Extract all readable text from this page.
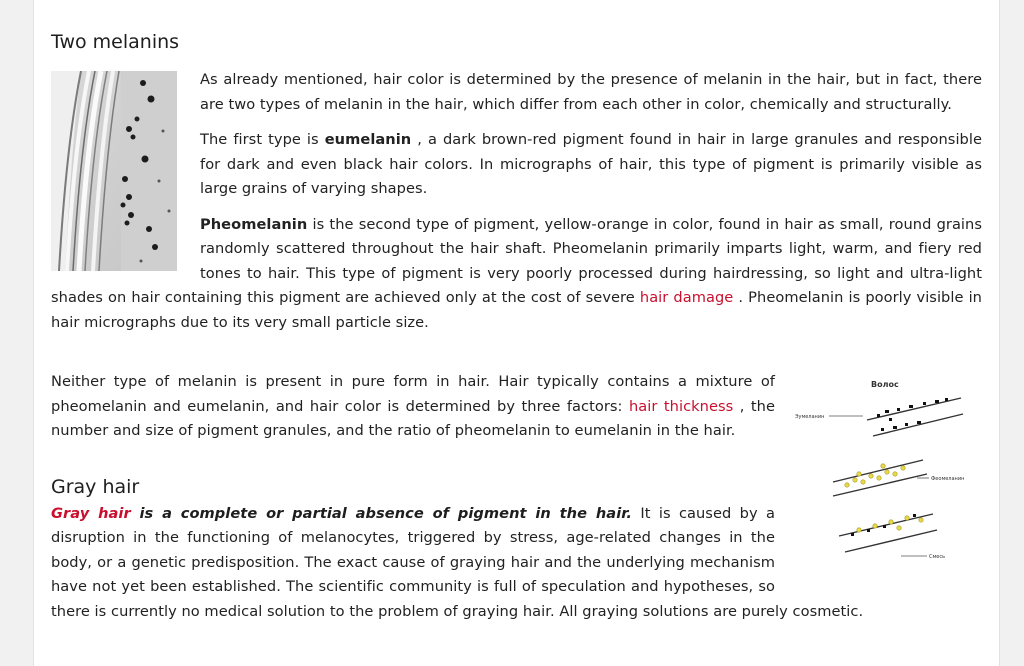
Two melanins

As already mentioned, hair color is determined by the presence of melanin in the hair, but in fact, there are two types of melanin in the hair, which differ from each other in color, chemically and structurally.

The first type is eumelanin , a dark brown-red pigment found in hair in large granules and responsible for dark and even black hair colors. In micrographs of hair, this type of pigment is primarily visible as large grains of varying shapes.

Pheomelanin is the second type of pigment, yellow-orange in color, found in hair as small, round grains randomly scattered throughout the hair shaft. Pheomelanin primarily imparts light, warm, and fiery red tones to hair. This type of pigment is very poorly processed during hairdressing, so light and ultra-light shades on hair containing this pigment are achieved only at the cost of severe hair damage . Pheomelanin is poorly visible in hair micrographs due to its very small particle size.

Волос
Эумеланин
Феомеланин
Смесь

Neither type of melanin is present in pure form in hair. Hair typically contains a mixture of pheomelanin and eumelanin, and hair color is determined by three factors: hair thickness , the number and size of pigment granules, and the ratio of pheomelanin to eumelanin in the hair.

Gray hair

Gray hair is a complete or partial absence of pigment in the hair. It is caused by a disruption in the functioning of melanocytes, triggered by stress, age-related changes in the body, or a genetic predisposition. The exact cause of graying hair and the underlying mechanism have not yet been established. The scientific community is full of speculation and hypotheses, so there is currently no medical solution to the problem of graying hair. All graying solutions are purely cosmetic.
